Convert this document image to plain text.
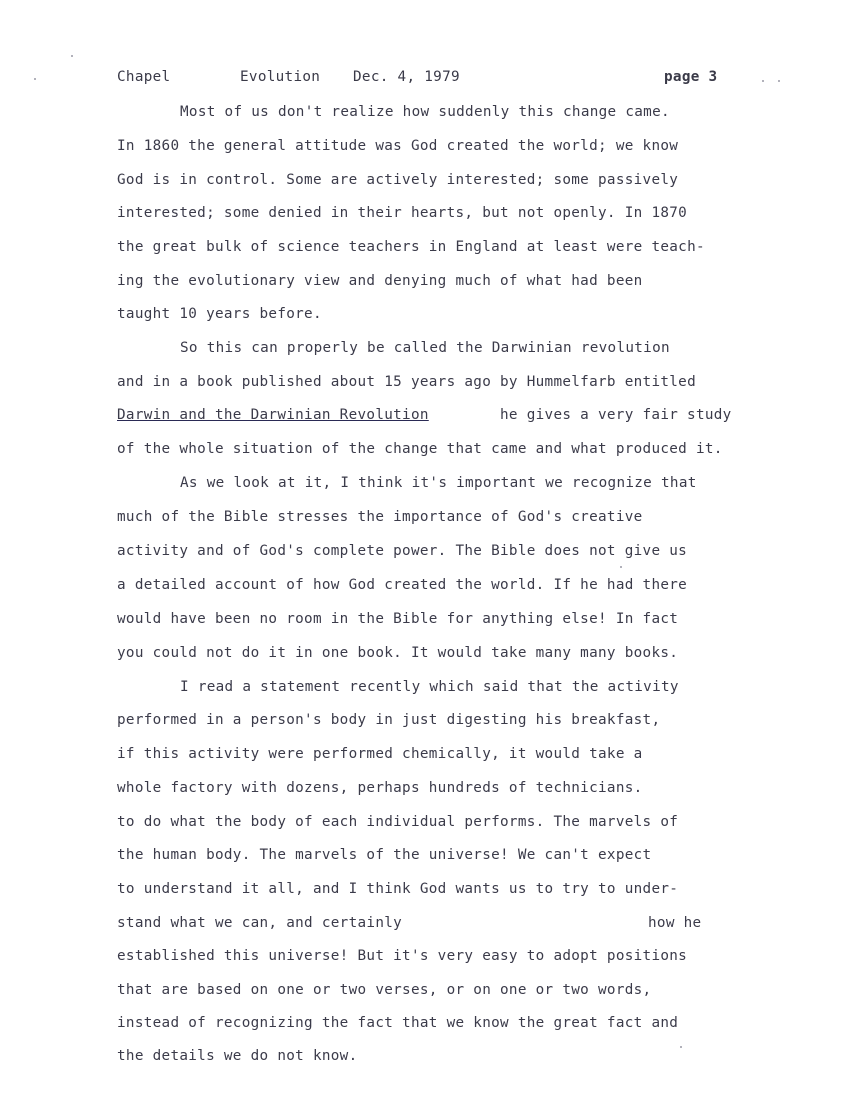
Chapel	Evolution Dec. 4, 1979	page 3
Most of us don't realize how suddenly this change came.
In 1860 the general attitude was God created the world; we know
God is in control. Some are actively interested; some passively
interested; some denied in their hearts, but not openly. In 1870
the great bulk of science teachers in England at least were teach-
ing the evolutionary view and denying much of what had been
taught 10 years before.
So this can properly be called the Darwinian revolution
and in a book published about 15 years ago by Hummelfarb entitled
Darwin and the Darwinian Revolution	he gives a very fair study
of the whole situation of the change that came and what produced it.
As we look at it, I think it's important we recognize that
much of the Bible stresses the importance of God's creative
activity and of God's complete power. The Bible does not give us
a detailed account of how God created the world. If he had there
would have been no room in the Bible for anything else! In fact
you could not do it in one book. It would take many many books.
I read a statement recently which said that the activity
performed in a person's body in just digesting his breakfast,
if this activity were performed chemically, it would take a
whole factory with dozens, perhaps hundreds of technicians.
to do what the body of each individual performs. The marvels of
the human body. The marvels of the universe! We can't expect
to understand it all, and I think God wants us to try to under-
stand what we can, and certainly	how he
established this universe! But it's very easy to adopt positions
that are based on one or two verses, or on one or two words,
instead of recognizing the fact that we know the great fact and
the details we do not know.
